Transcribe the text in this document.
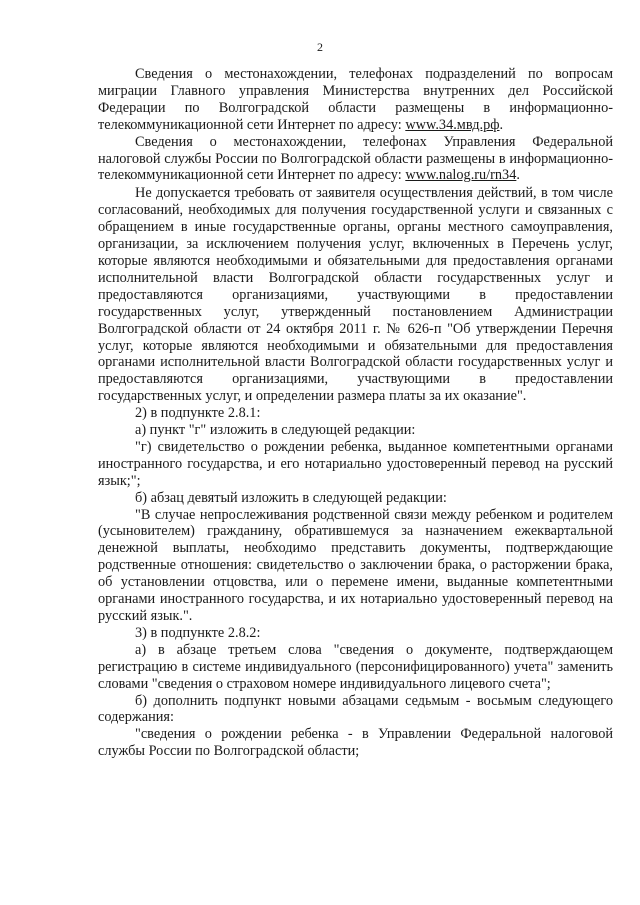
2

Сведения о местонахождении, телефонах подразделений по вопросам миграции Главного управления Министерства внутренних дел Российской Федерации по Волгоградской области размещены в информационно-телекоммуникационной сети Интернет по адресу: www.34.мвд.рф.

Сведения о местонахождении, телефонах Управления Федеральной налоговой службы России по Волгоградской области размещены в информационно-телекоммуникационной сети Интернет по адресу: www.nalog.ru/rn34.

Не допускается требовать от заявителя осуществления действий, в том числе согласований, необходимых для получения государственной услуги и связанных с обращением в иные государственные органы, органы местного самоуправления, организации, за исключением получения услуг, включенных в Перечень услуг, которые являются необходимыми и обязательными для предоставления органами исполнительной власти Волгоградской области государственных услуг и предоставляются организациями, участвующими в предоставлении государственных услуг, утвержденный постановлением Администрации Волгоградской области от 24 октября 2011 г. № 626-п "Об утверждении Перечня услуг, которые являются необходимыми и обязательными для предоставления органами исполнительной власти Волгоградской области государственных услуг и предоставляются организациями, участвующими в предоставлении государственных услуг, и определении размера платы за их оказание".

2) в подпункте 2.8.1:

а) пункт "г" изложить в следующей редакции:

"г) свидетельство о рождении ребенка, выданное компетентными органами иностранного государства, и его нотариально удостоверенный перевод на русский язык;";

б) абзац девятый изложить в следующей редакции:

"В случае непрослеживания родственной связи между ребенком и родителем (усыновителем) гражданину, обратившемуся за назначением ежеквартальной денежной выплаты, необходимо представить документы, подтверждающие родственные отношения: свидетельство о заключении брака, о расторжении брака, об установлении отцовства, или о перемене имени, выданные компетентными органами иностранного государства, и их нотариально удостоверенный перевод на русский язык.".

3) в подпункте 2.8.2:

а) в абзаце третьем слова "сведения о документе, подтверждающем регистрацию в системе индивидуального (персонифицированного) учета" заменить словами "сведения о страховом номере индивидуального лицевого счета";

б) дополнить подпункт новыми абзацами седьмым - восьмым следующего содержания:

"сведения о рождении ребенка - в Управлении Федеральной налоговой службы России по Волгоградской области;
